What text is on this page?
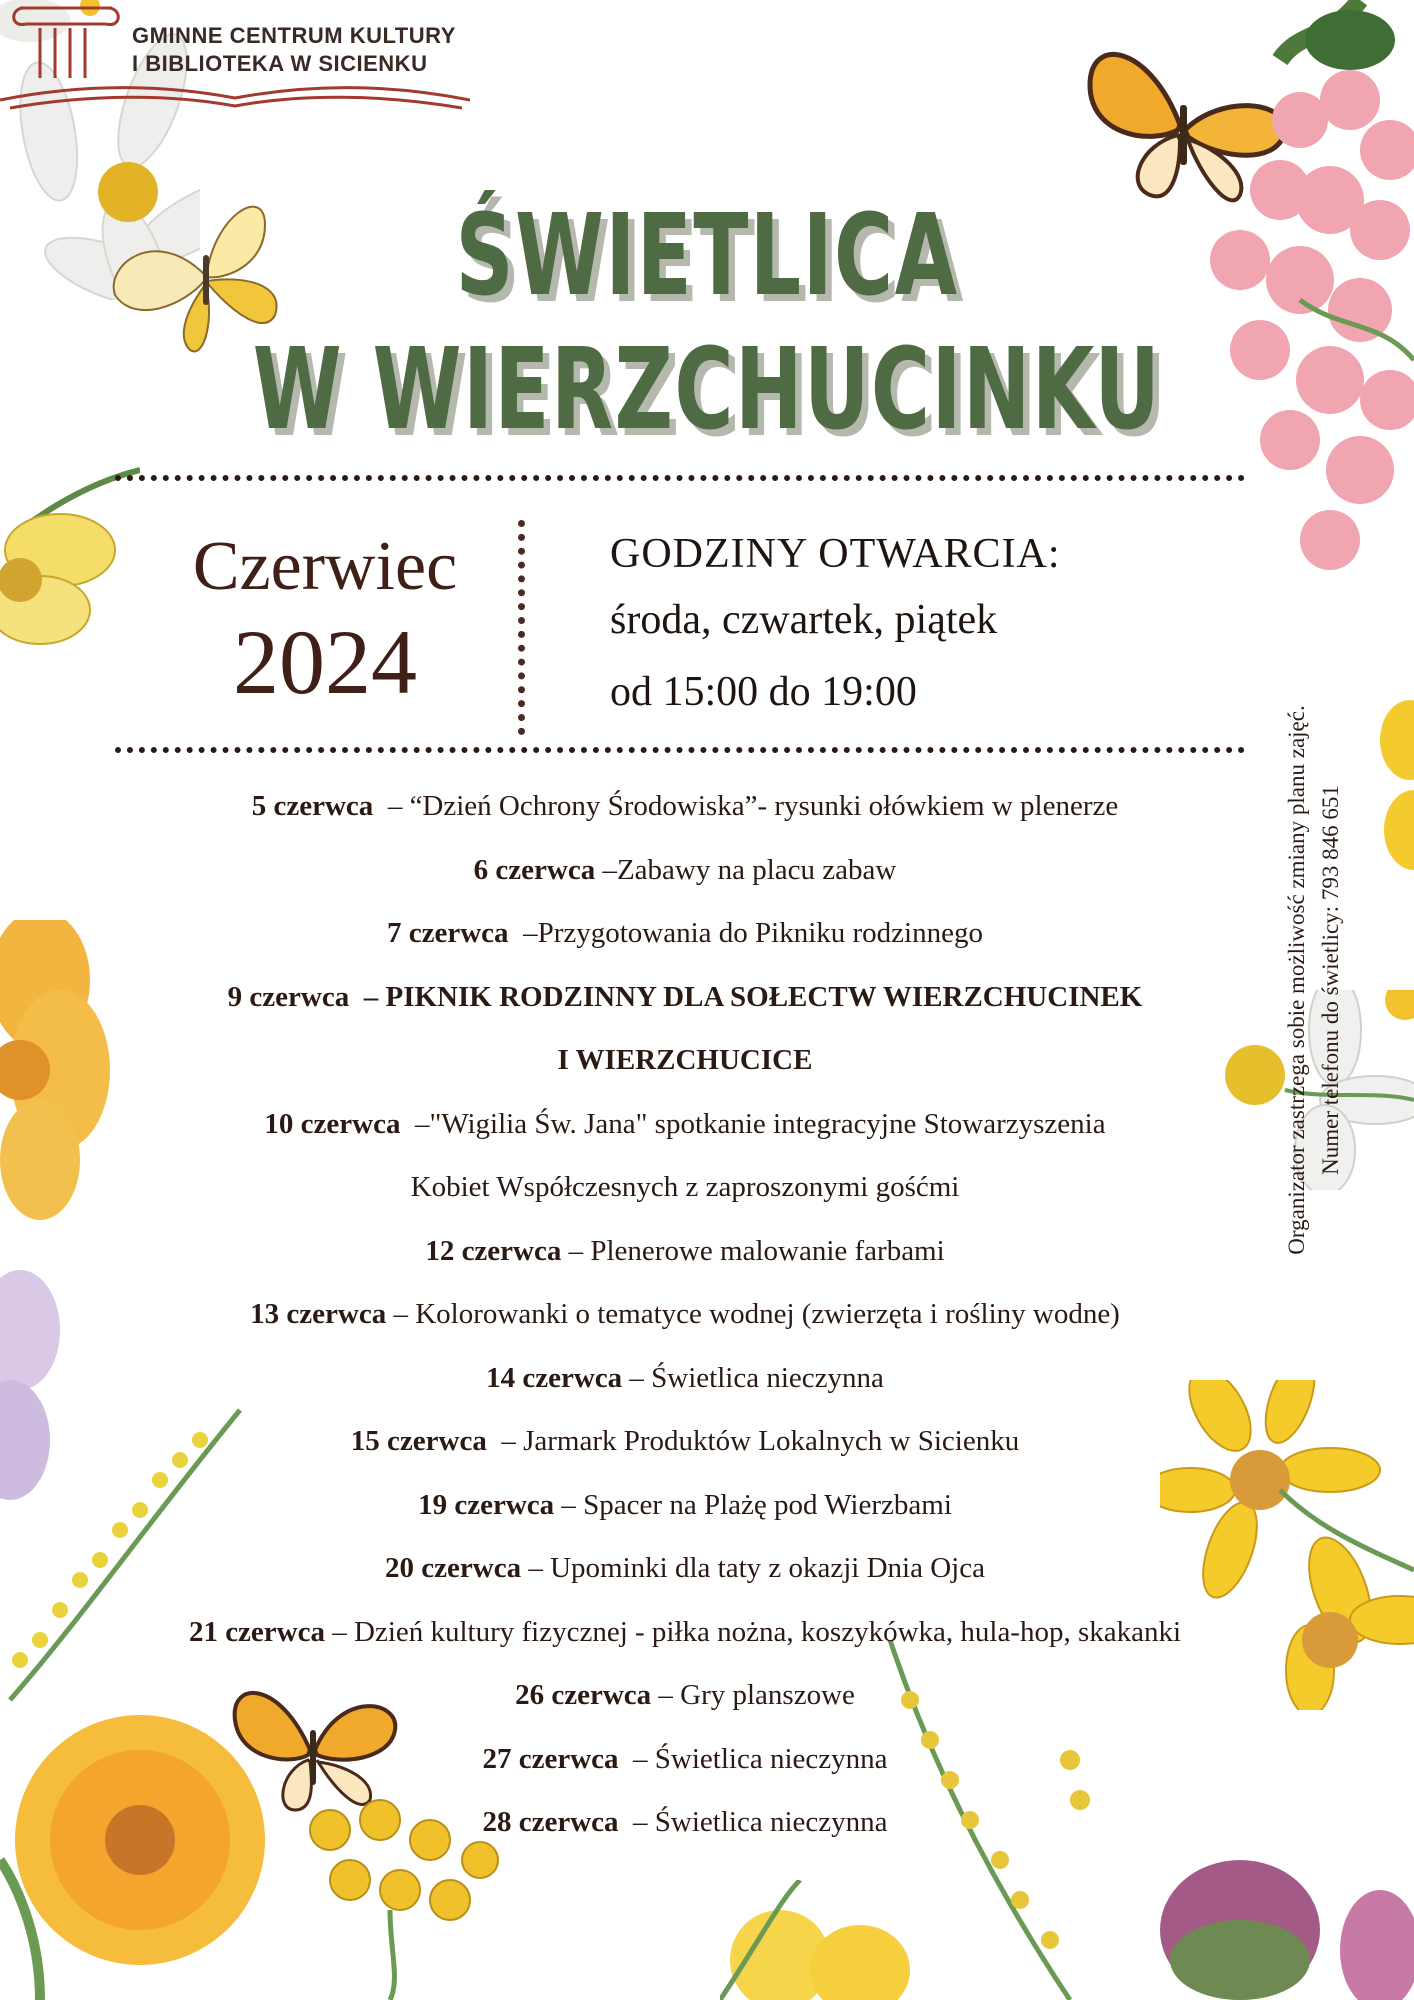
GMINNE CENTRUM KULTURY
I BIBLIOTEKA W SICIENKU
ŚWIETLICA
W WIERZCHUCINKU
Czerwiec
2024
GODZINY OTWARCIA:
środa, czwartek, piątek
od 15:00 do 19:00
5 czerwca  – “Dzień Ochrony Środowiska”- rysunki ołówkiem w plenerze
6 czerwca –Zabawy na placu zabaw
7 czerwca  –Przygotowania do Pikniku rodzinnego
9 czerwca  – PIKNIK RODZINNY DLA SOŁECTW WIERZCHUCINEK
I WIERZCHUCICE
10 czerwca  –"Wigilia Św. Jana" spotkanie integracyjne Stowarzyszenia
Kobiet Współczesnych z zaproszonymi gośćmi
12 czerwca – Plenerowe malowanie farbami
13 czerwca – Kolorowanki o tematyce wodnej (zwierzęta i rośliny wodne)
14 czerwca – Świetlica nieczynna
15 czerwca  – Jarmark Produktów Lokalnych w Sicienku
19 czerwca – Spacer na Plażę pod Wierzbami
20 czerwca – Upominki dla taty z okazji Dnia Ojca
21 czerwca – Dzień kultury fizycznej - piłka nożna, koszykówka, hula-hop, skakanki
26 czerwca – Gry planszowe
27 czerwca  – Świetlica nieczynna
28 czerwca  – Świetlica nieczynna
Organizator zastrzega sobie możliwość zmiany planu zajęć. Numer telefonu do świetlicy: 793 846 651
